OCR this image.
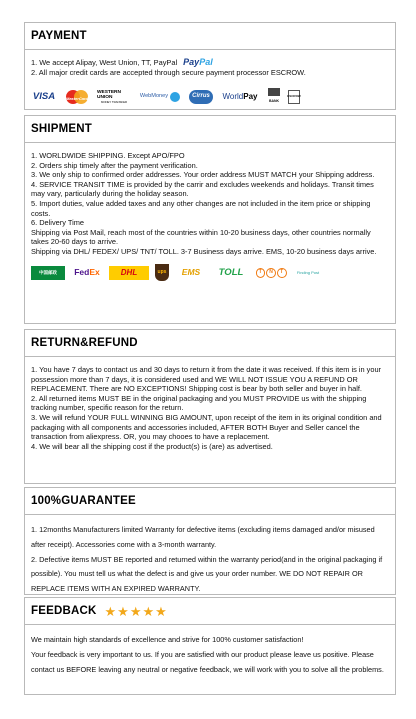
PAYMENT

1. We accept Alipay, West Union, TT, PayPal PayPal

2. All major credit cards are accepted through secure payment processor ESCROW.

VISA	MasterCard
WESTERN UNION
MONEY TRANSFER
WebMoney	Cirrus	World Pay	BANK
ESCROW
SHIPMENT

1. WORLDWIDE SHIPPING. Except APO/FPO

2. Orders ship timely after the payment verification.

3. We only ship to confirmed order addresses. Your order address MUST MATCH your Shipping address.

4. SERVICE TRANSIT TIME is provided by the carrir and excludes weekends and holidays. Transit times may vary, particularly during the holiday season.

5. Import duties, value added taxes and any other changes are not included in the item price or shipping costs.

6. Delivery Time

Shipping via Post Mail, reach most of the countries within 10-20 business days, other countries normally takes 20-60 days to arrive.

Shipping via DHL/ FEDEX/ UPS/ TNT/ TOLL. 3-7 Business days arrive. EMS, 10-20 business days arrive.

中国邮政	Fed Ex	DHL	ups	EMS	TOLL	T	N	T	Finding Post
RETURN&REFUND

1. You have 7 days to contact us and 30 days to return it from the date it was received. If this item is in your possession more than 7 days, it is considered used and WE WILL NOT ISSUE YOU A REFUND OR REPLACEMENT. There are NO EXCEPTIONS! Shipping cost is bear by both seller and buyer in half.

2. All returned items MUST BE in the original packaging and you MUST PROVIDE us with the shipping tracking number, specific reason for the return.

3. We will refund YOUR FULL WINNING BIG AMOUNT, upon receipt of the item in its original condition and packaging with all components and accessories included, AFTER BOTH Buyer and Seller cancel the transaction from aliexpress. OR, you may chooes to have a replacement.

4. We will bear all the shipping cost if the product(s) is (are) as advertised.

100%GUARANTEE

1. 12months Manufacturers limited Warranty for defective items (excluding items damaged and/or misused after receipt). Accessories come with a 3-month warranty.

2. Defective items MUST BE reported and returned within the warranty period(and in the original packaging if possible). You must tell us what the defect is and give us your order number. WE DO NOT REPAIR OR REPLACE ITEMS WITH AN EXPIRED WARRANTY.

FEEDBACK ★ ★ ★ ★ ★

We maintain high standards of excellence and strive for 100% customer satisfaction!

Your feedback is very important to us. If you are satisfied with our product please leave us positive. Please contact us BEFORE leaving any neutral or negative feedback, we will work with you to solve all the problems.
